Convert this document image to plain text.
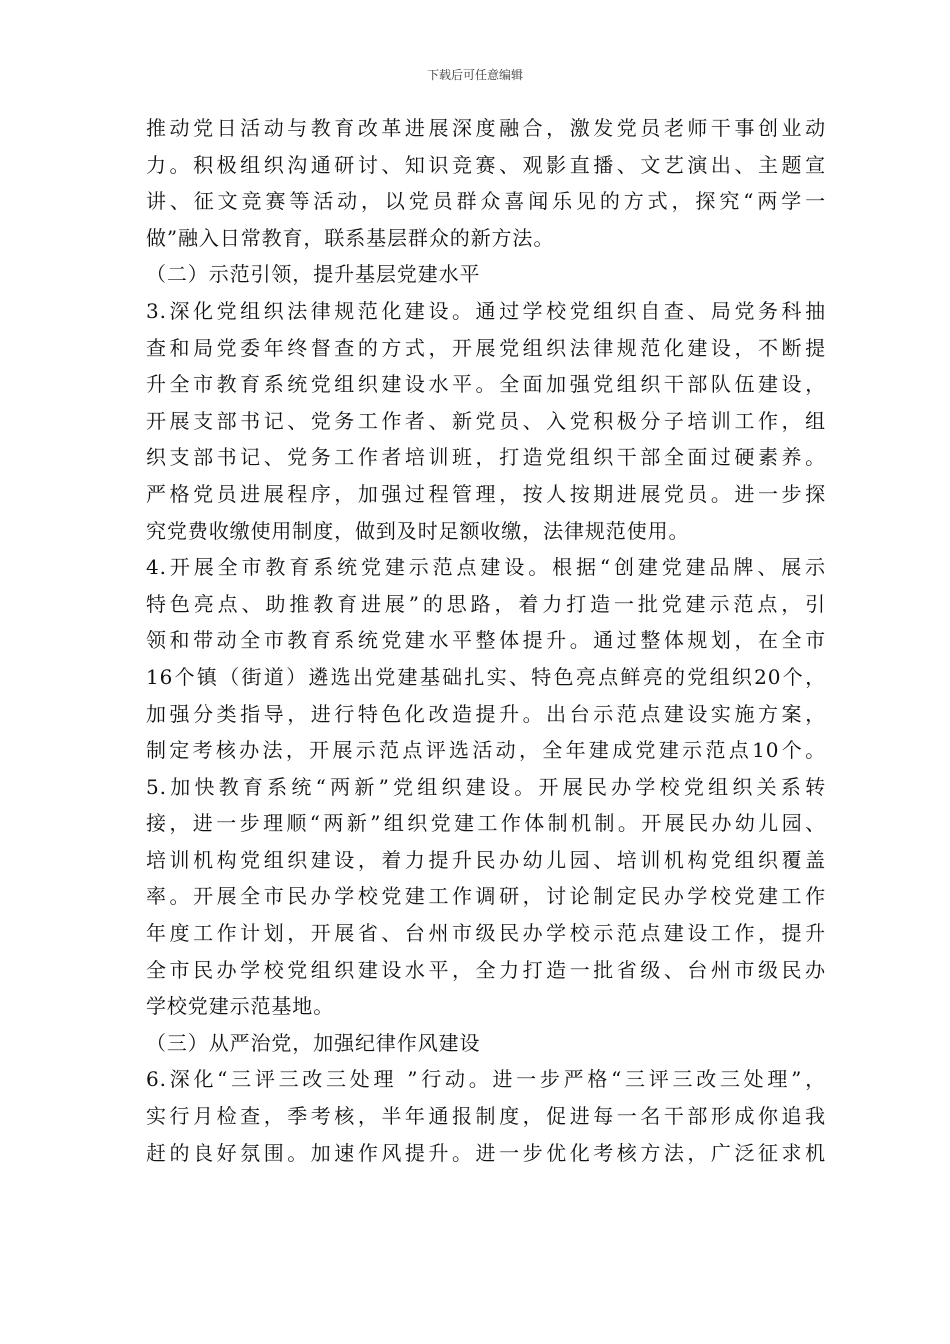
下载后可任意编辑
推动党日活动与教育改革进展深度融合，激发党员老师干事创业动
力。积极组织沟通研讨、知识竞赛、观影直播、文艺演出、主题宣
讲、征文竞赛等活动，以党员群众喜闻乐见的方式，探究“两学一
做”融入日常教育，联系基层群众的新方法。
（二）示范引领，提升基层党建水平
3.深化党组织法律规范化建设。通过学校党组织自查、局党务科抽
查和局党委年终督查的方式，开展党组织法律规范化建设，不断提
升全市教育系统党组织建设水平。全面加强党组织干部队伍建设，
开展支部书记、党务工作者、新党员、入党积极分子培训工作，组
织支部书记、党务工作者培训班，打造党组织干部全面过硬素养。
严格党员进展程序，加强过程管理，按人按期进展党员。进一步探
究党费收缴使用制度，做到及时足额收缴，法律规范使用。
4.开展全市教育系统党建示范点建设。根据“创建党建品牌、展示
特色亮点、助推教育进展”的思路，着力打造一批党建示范点，引
领和带动全市教育系统党建水平整体提升。通过整体规划，在全市
16个镇（街道）遴选出党建基础扎实、特色亮点鲜亮的党组织20个，
加强分类指导，进行特色化改造提升。出台示范点建设实施方案，
制定考核办法，开展示范点评选活动，全年建成党建示范点10个。
5.加快教育系统“两新”党组织建设。开展民办学校党组织关系转
接，进一步理顺“两新”组织党建工作体制机制。开展民办幼儿园、
培训机构党组织建设，着力提升民办幼儿园、培训机构党组织覆盖
率。开展全市民办学校党建工作调研，讨论制定民办学校党建工作
年度工作计划，开展省、台州市级民办学校示范点建设工作，提升
全市民办学校党组织建设水平，全力打造一批省级、台州市级民办
学校党建示范基地。
（三）从严治党，加强纪律作风建设
6.深化“三评三改三处理 ”行动。进一步严格“三评三改三处理”，
实行月检查，季考核，半年通报制度，促进每一名干部形成你追我
赶的良好氛围。加速作风提升。进一步优化考核方法，广泛征求机
